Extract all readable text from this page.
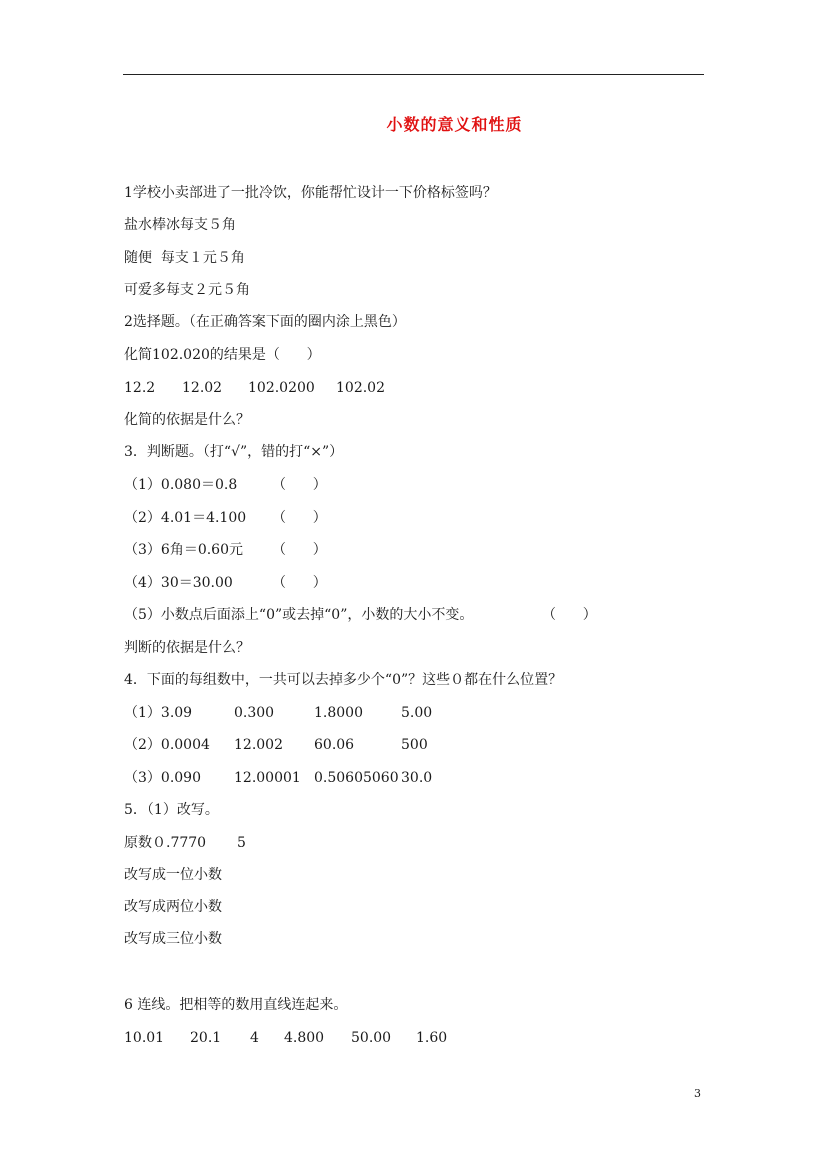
小数的意义和性质
1学校小卖部进了一批冷饮，你能帮忙设计一下价格标签吗？
盐水棒冰每支５角
随便  每支１元５角
可爱多每支２元５角
2选择题。（在正确答案下面的圈内涂上黑色）
化简102.020的结果是（      ）

12.2

12.02

102.0200

102.02

化简的依据是什么？
3．判断题。（打“√”，错的打“×”）

（1）0.080＝0.8

（      ）

（2）4.01＝4.100

（      ）

（3）6角＝0.60元

（      ）

（4）30＝30.00

	（      ）

（5）小数点后面添上“0”或去掉“0”，小数的大小不变。

	（      ）

判断的依据是什么？
4．下面的每组数中，一共可以去掉多少个“0”？这些０都在什么位置？

（1）3.09

	0.300

	1.8000

	5.00

（2）0.0004

12.002

60.06

	500

（3）0.090

12.00001

0.50605060

30.0

5．（1）改写。

原数０.7770

5

改写成一位小数
改写成两位小数
改写成三位小数
6 连线。把相等的数用直线连起来。

10.01

20.1

4

4.800

50.00

1.60

3
